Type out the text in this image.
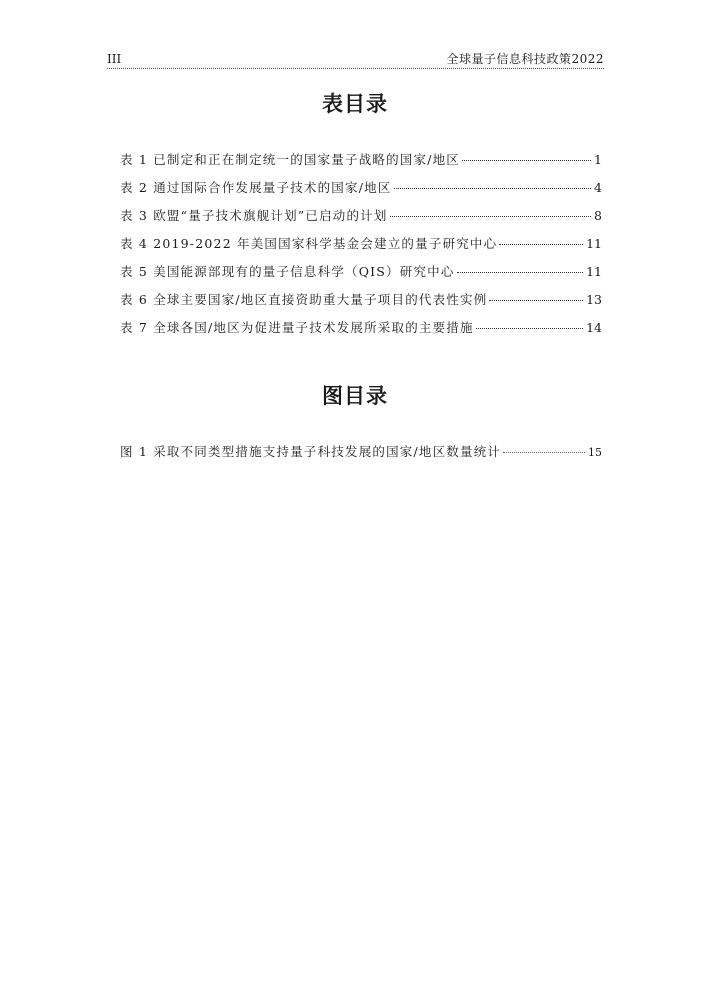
III	全球量子信息科技政策2022
表目录
表 1 已制定和正在制定统一的国家量子战略的国家/地区	1
表 2 通过国际合作发展量子技术的国家/地区	4
表 3 欧盟“量子技术旗舰计划”已启动的计划	8
表 4 2019-2022 年美国国家科学基金会建立的量子研究中心	11
表 5 美国能源部现有的量子信息科学（QIS）研究中心	11
表 6 全球主要国家/地区直接资助重大量子项目的代表性实例	13
表 7 全球各国/地区为促进量子技术发展所采取的主要措施	14
图目录
图 1 采取不同类型措施支持量子科技发展的国家/地区数量统计	15
